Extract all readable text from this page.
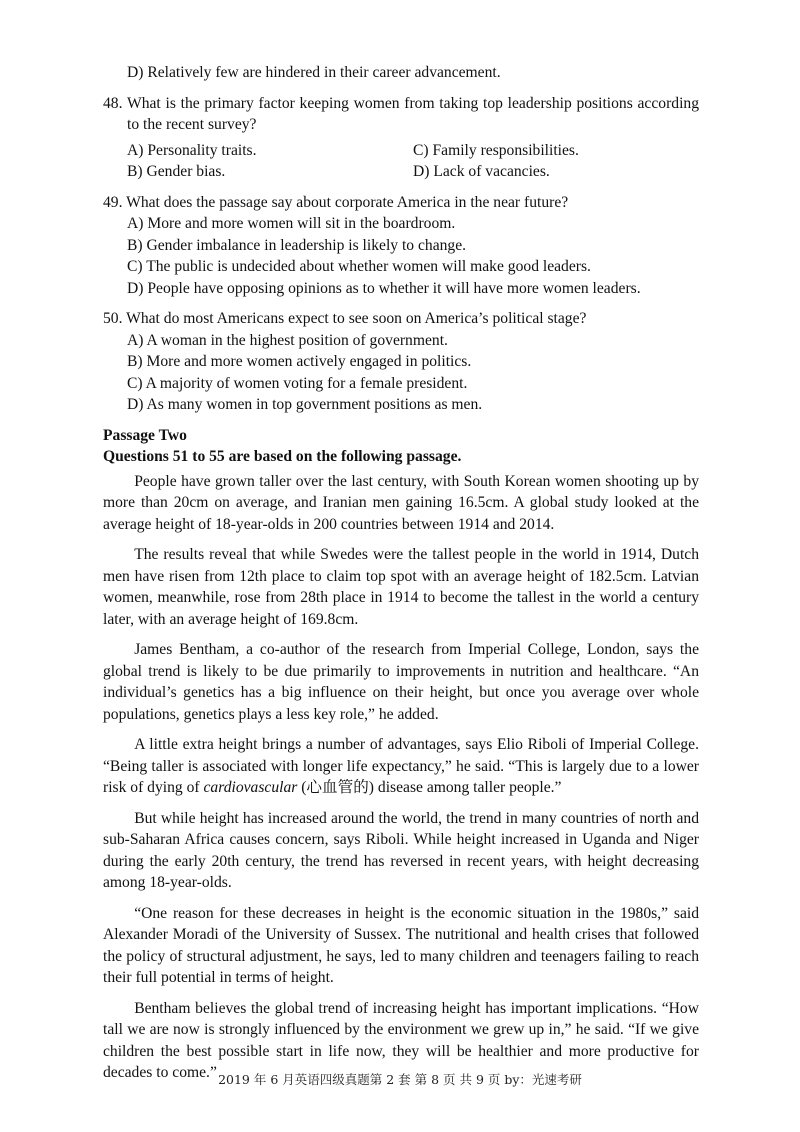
D) Relatively few are hindered in their career advancement.
48. What is the primary factor keeping women from taking top leadership positions according to the recent survey?
A) Personality traits.	C) Family responsibilities.
B) Gender bias.	D) Lack of vacancies.
49. What does the passage say about corporate America in the near future?
A) More and more women will sit in the boardroom.
B) Gender imbalance in leadership is likely to change.
C) The public is undecided about whether women will make good leaders.
D) People have opposing opinions as to whether it will have more women leaders.
50. What do most Americans expect to see soon on America’s political stage?
A) A woman in the highest position of government.
B) More and more women actively engaged in politics.
C) A majority of women voting for a female president.
D) As many women in top government positions as men.
Passage Two
Questions 51 to 55 are based on the following passage.
People have grown taller over the last century, with South Korean women shooting up by more than 20cm on average, and Iranian men gaining 16.5cm. A global study looked at the average height of 18-year-olds in 200 countries between 1914 and 2014.
The results reveal that while Swedes were the tallest people in the world in 1914, Dutch men have risen from 12th place to claim top spot with an average height of 182.5cm. Latvian women, meanwhile, rose from 28th place in 1914 to become the tallest in the world a century later, with an average height of 169.8cm.
James Bentham, a co-author of the research from Imperial College, London, says the global trend is likely to be due primarily to improvements in nutrition and healthcare. “An individual’s genetics has a big influence on their height, but once you average over whole populations, genetics plays a less key role,” he added.
A little extra height brings a number of advantages, says Elio Riboli of Imperial College. “Being taller is associated with longer life expectancy,” he said. “This is largely due to a lower risk of dying of cardiovascular (心血管的) disease among taller people.”
But while height has increased around the world, the trend in many countries of north and sub-Saharan Africa causes concern, says Riboli. While height increased in Uganda and Niger during the early 20th century, the trend has reversed in recent years, with height decreasing among 18-year-olds.
“One reason for these decreases in height is the economic situation in the 1980s,” said Alexander Moradi of the University of Sussex. The nutritional and health crises that followed the policy of structural adjustment, he says, led to many children and teenagers failing to reach their full potential in terms of height.
Bentham believes the global trend of increasing height has important implications. “How tall we are now is strongly influenced by the environment we grew up in,” he said. “If we give children the best possible start in life now, they will be healthier and more productive for decades to come.” 2019 年 6 月英语四级真题第 2 套 第 8 页 共 9 页 by：光速考研
